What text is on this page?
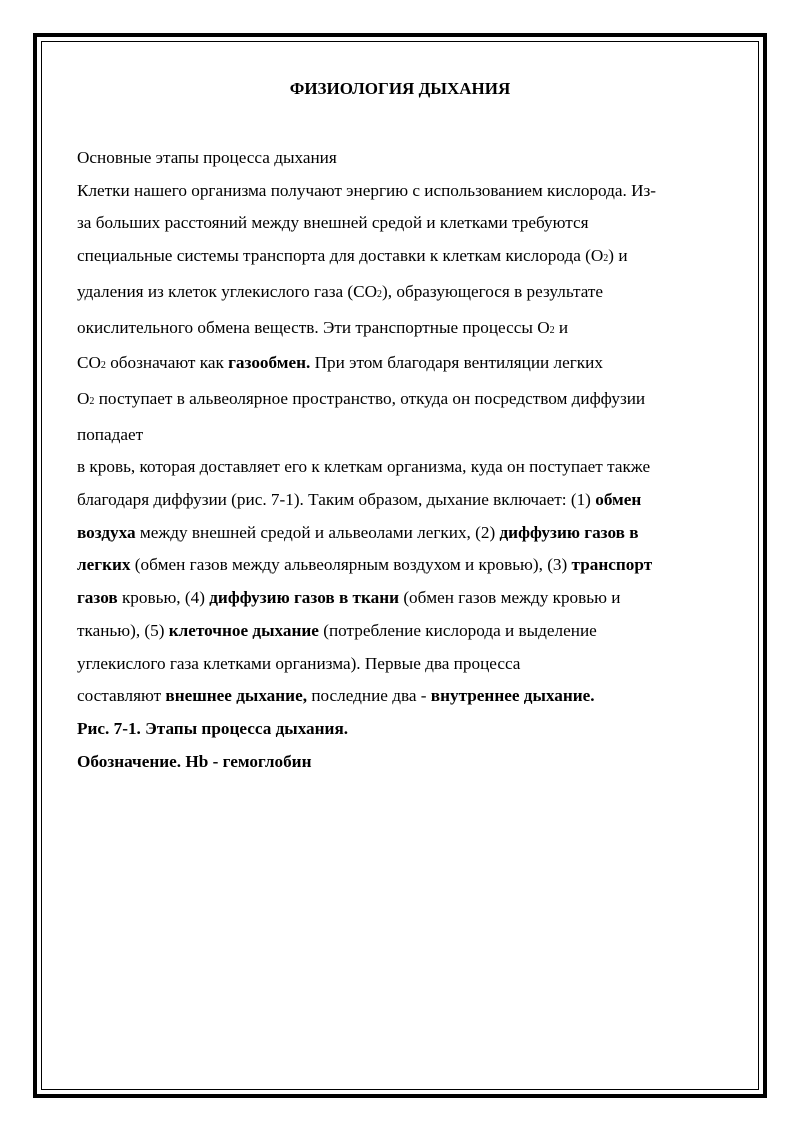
ФИЗИОЛОГИЯ ДЫХАНИЯ

Основные этапы процесса дыхания

Клетки нашего организма получают энергию с использованием кислорода. Из-

за больших расстояний между внешней средой и клетками требуются

специальные системы транспорта для доставки к клеткам кислорода (O2) и

удаления из клеток углекислого газа (CO2), образующегося в результате

окислительного обмена веществ. Эти транспортные процессы O2 и

CO2 обозначают как газообмен. При этом благодаря вентиляции легких

O2 поступает в альвеолярное пространство, откуда он посредством диффузии

попадает

в кровь, которая доставляет его к клеткам организма, куда он поступает также

благодаря диффузии (рис. 7-1). Таким образом, дыхание включает: (1) обмен

воздуха между внешней средой и альвеолами легких, (2) диффузию газов в

легких (обмен газов между альвеолярным воздухом и кровью), (3) транспорт

газов кровью, (4) диффузию газов в ткани (обмен газов между кровью и

тканью), (5) клеточное дыхание (потребление кислорода и выделение

углекислого газа клетками организма). Первые два процесса

составляют внешнее дыхание, последние два - внутреннее дыхание.

Рис. 7-1. Этапы процесса дыхания.

Обозначение. Hb - гемоглобин
